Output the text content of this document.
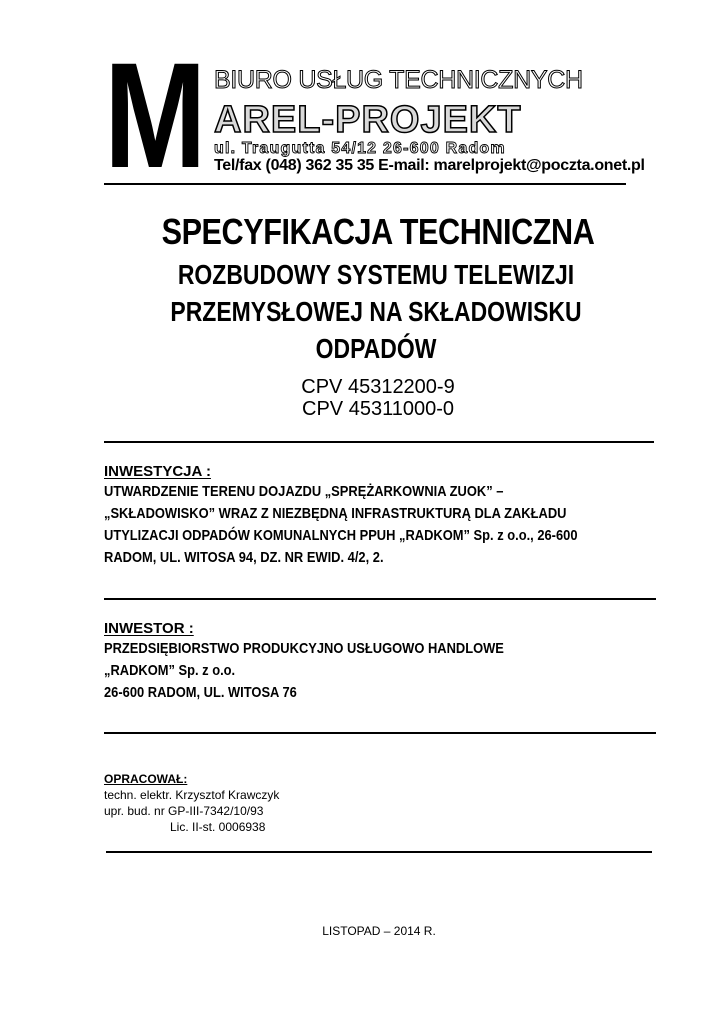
M BIURO USŁUG TECHNICZNYCH
AREL-PROJEKT
ul. Traugutta 54/12 26-600 Radom
Tel/fax (048) 362 35 35 E-mail: marelprojekt@poczta.onet.pl
SPECYFIKACJA TECHNICZNA
ROZBUDOWY SYSTEMU TELEWIZJI
PRZEMYSŁOWEJ NA SKŁADOWISKU
ODPADÓW
CPV 45312200-9
CPV 45311000-0
INWESTYCJA :
UTWARDZENIE TERENU DOJAZDU „SPRĘŻARKOWNIA ZUOK” –
„SKŁADOWISKO” WRAZ Z NIEZBĘDNĄ INFRASTRUKTURĄ DLA ZAKŁADU
UTYLIZACJI ODPADÓW KOMUNALNYCH PPUH „RADKOM” Sp. z o.o., 26-600
RADOM, UL. WITOSA 94, DZ. NR EWID. 4/2, 2.
INWESTOR :
PRZEDSIĘBIORSTWO PRODUKCYJNO USŁUGOWO HANDLOWE
„RADKOM” Sp. z o.o.
26-600 RADOM, UL. WITOSA 76
OPRACOWAŁ:
techn. elektr. Krzysztof Krawczyk
upr. bud. nr GP-III-7342/10/93
Lic. II-st. 0006938
LISTOPAD – 2014 R.
